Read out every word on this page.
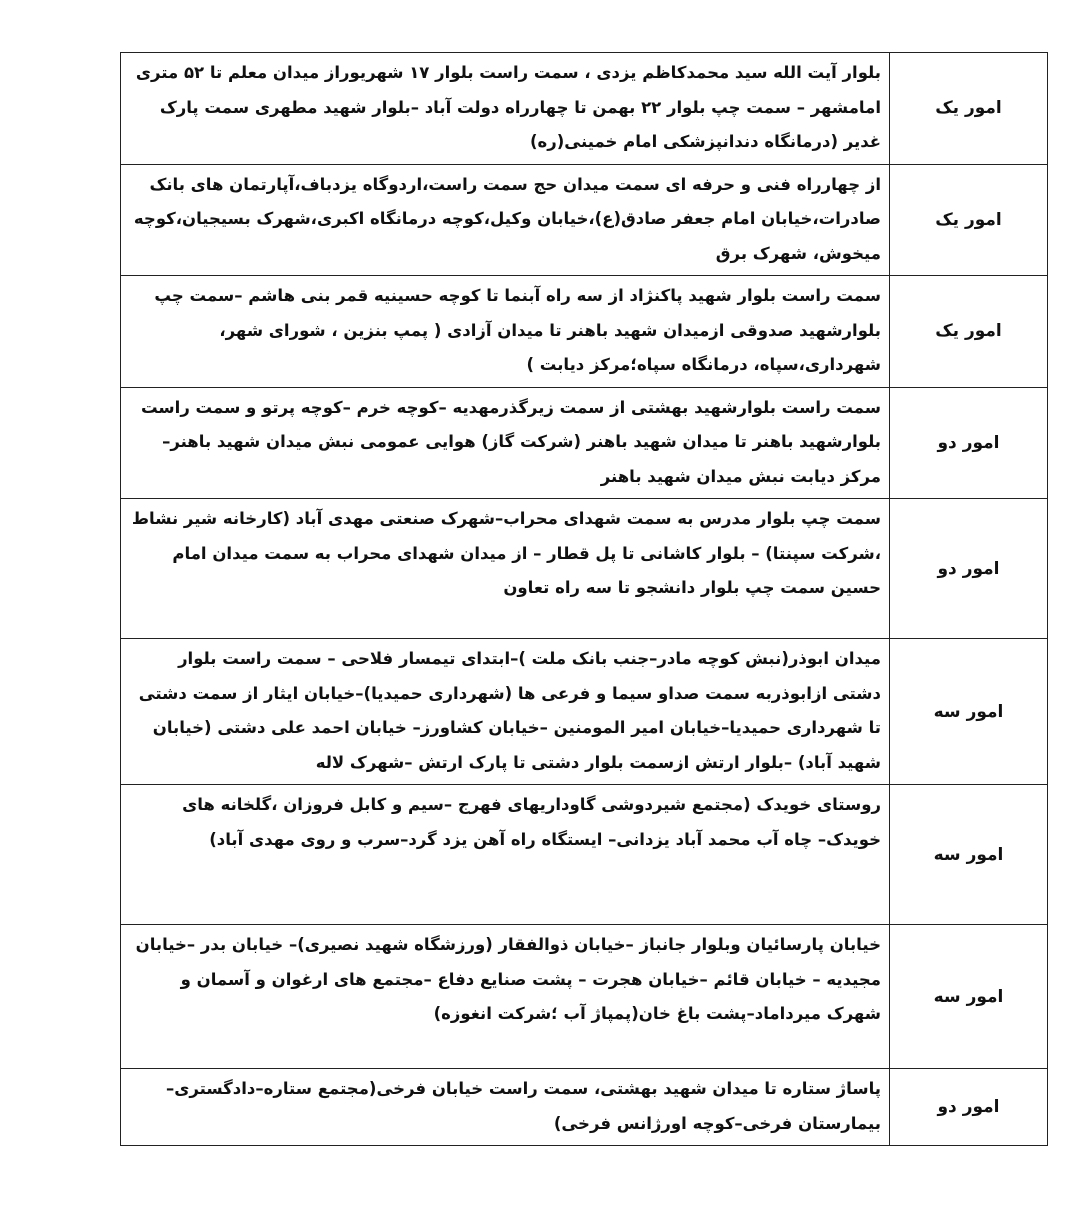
امور یک	بلوار آیت الله سید محمدکاظم یزدی ، سمت راست بلوار ۱۷ شهریوراز میدان معلم تا ۵۲ متری امامشهر – سمت چپ بلوار ۲۲ بهمن تا چهارراه دولت آباد –بلوار شهید مطهری سمت پارک غدیر (درمانگاه دندانپزشکی امام خمینی(ره)
امور یک	از چهارراه فنی و حرفه ای سمت میدان حج سمت راست،اردوگاه یزدباف،آپارتمان های بانک صادرات،خیابان امام جعفر صادق(ع)،خیابان وکیل،کوچه درمانگاه اکبری،شهرک بسیجیان،کوچه میخوش، شهرک برق
امور یک	سمت راست بلوار شهید پاکنژاد از سه راه آبنما تا کوچه حسینیه قمر بنی هاشم –سمت چپ بلوارشهید صدوقی ازمیدان شهید باهنر تا میدان آزادی ( پمپ بنزین ، شورای شهر، شهرداری،سپاه، درمانگاه سپاه؛مرکز دیابت )
امور دو	سمت راست بلوارشهید بهشتی از سمت زیرگذرمهدیه –کوچه خرم –کوچه پرتو و سمت راست بلوارشهید باهنر تا میدان شهید باهنر (شرکت گاز) هوایی عمومی نبش میدان شهید باهنر–مرکز دیابت نبش میدان شهید باهنر
امور دو	سمت چپ بلوار مدرس به سمت شهدای محراب–شهرک صنعتی مهدی آباد (کارخانه شیر نشاط ،شرکت سپنتا) – بلوار کاشانی تا پل قطار – از میدان شهدای محراب به سمت میدان امام حسین سمت چپ بلوار دانشجو تا سه راه تعاون
امور سه	میدان ابوذر(نبش کوچه مادر–جنب بانک ملت )–ابتدای تیمسار فلاحی – سمت راست بلوار دشتی ازابوذربه سمت صداو سیما و فرعی ها (شهرداری حمیدیا)–خیابان ایثار از سمت دشتی تا شهرداری حمیدیا–خیابان امیر المومنین –خیابان کشاورز– خیابان احمد علی دشتی (خیابان شهید آباد) –بلوار ارتش ازسمت بلوار دشتی تا پارک ارتش –شهرک لاله
امور سه	روستای خویدک (مجتمع شیردوشی گاوداریهای فهرج –سیم و کابل فروزان ،گلخانه های خویدک– چاه آب محمد آباد یزدانی– ایستگاه راه آهن یزد گرد–سرب و روی مهدی آباد)
امور سه	خیابان پارسائیان وبلوار جانباز –خیابان ذوالفقار (ورزشگاه شهید نصیری)– خیابان بدر –خیابان مجیدیه – خیابان قائم –خیابان هجرت – پشت صنایع دفاع –مجتمع های ارغوان و آسمان و شهرک میرداماد–پشت باغ خان(پمپاژ آب ؛شرکت انغوزه)
امور دو	پاساژ ستاره تا میدان شهید بهشتی، سمت راست خیابان فرخی(مجتمع ستاره–دادگستری–بیمارستان فرخی–کوچه اورژانس فرخی)
